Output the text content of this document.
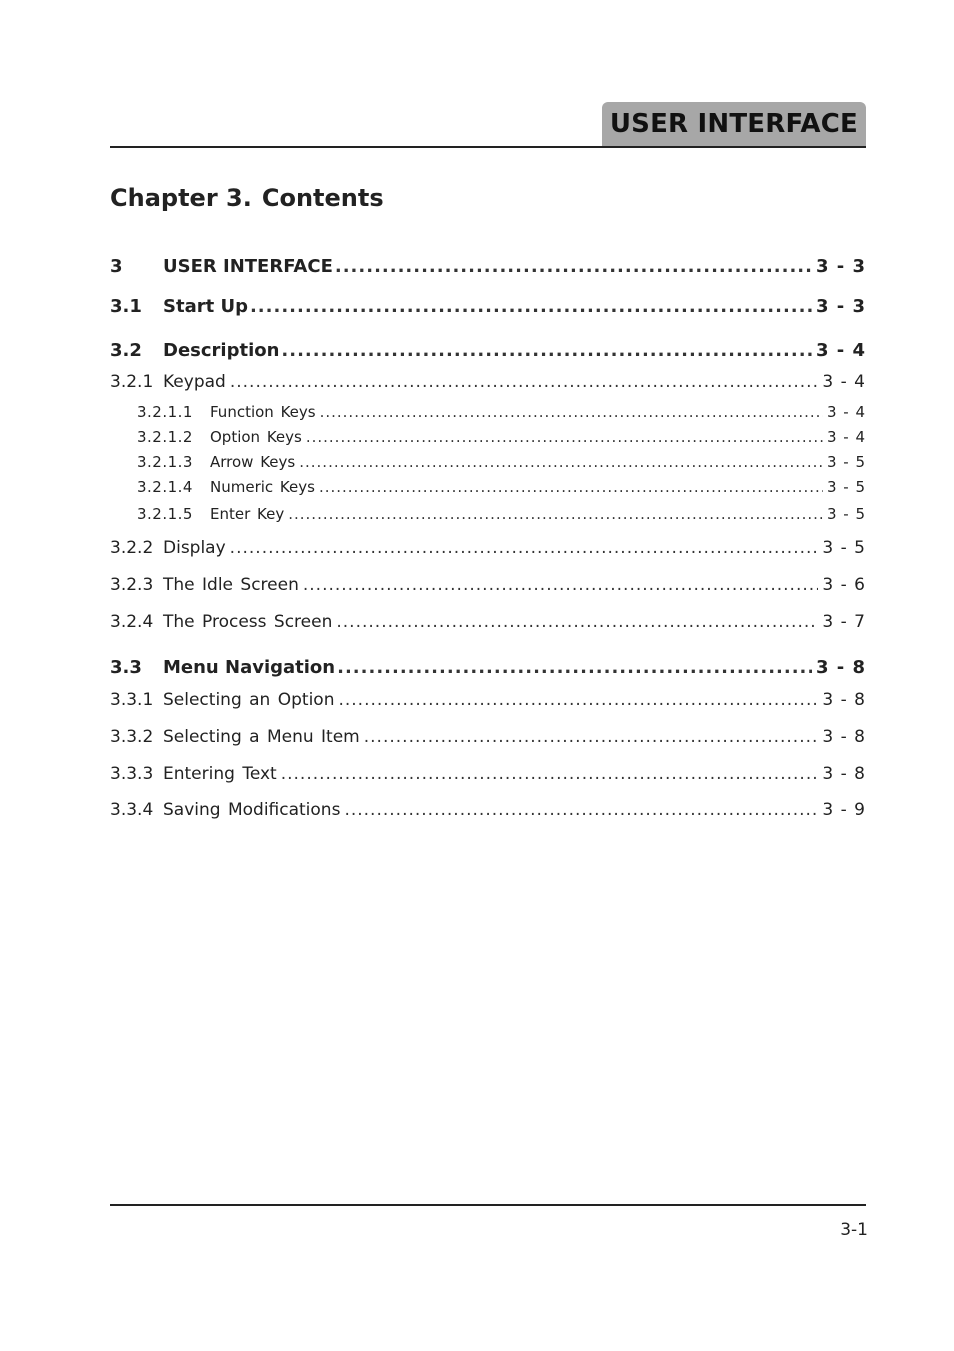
USER INTERFACE
Chapter 3. Contents
3	USER INTERFACE .....	3 - 3
3.1	Start Up .....	3 - 3
3.2	Description .....	3 - 4
3.2.1 Keypad .....	3 - 4
3.2.1.1	Function Keys .....	3 - 4
3.2.1.2	Option Keys .....	3 - 4
3.2.1.3	Arrow Keys .....	3 - 5
3.2.1.4	Numeric Keys .....	3 - 5
3.2.1.5	Enter Key .....	3 - 5
3.2.2 Display .....	3 - 5
3.2.3 The Idle Screen .....	3 - 6
3.2.4 The Process Screen .....	3 - 7
3.3	Menu Navigation .....	3 - 8
3.3.1 Selecting an Option .....	3 - 8
3.3.2 Selecting a Menu Item .....	3 - 8
3.3.3 Entering Text .....	3 - 8
3.3.4 Saving Modifications .....	3 - 9
3-1
